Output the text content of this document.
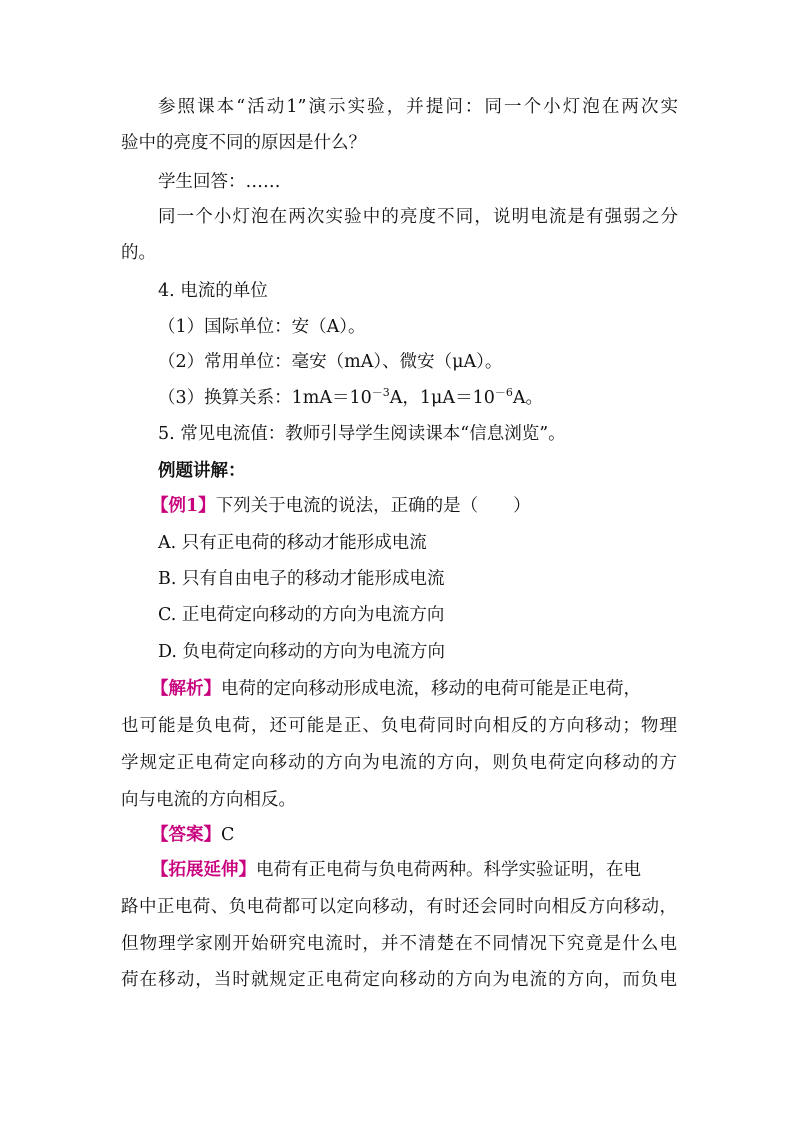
参照课本“活动1”演示实验，并提问：同一个小灯泡在两次实
验中的亮度不同的原因是什么？
学生回答：……
同一个小灯泡在两次实验中的亮度不同，说明电流是有强弱之分
的。
4. 电流的单位
（1）国际单位：安（A）。
（2）常用单位：毫安（mA）、微安（μA）。
（3）换算关系：$1mA=10^{-3}A$，$1\mu A=10^{-6}A$。
5. 常见电流值：教师引导学生阅读课本“信息浏览”。
例题讲解：
【例1】下列关于电流的说法，正确的是（　　）
A. 只有正电荷的移动才能形成电流
B. 只有自由电子的移动才能形成电流
C. 正电荷定向移动的方向为电流方向
D. 负电荷定向移动的方向为电流方向
【解析】电荷的定向移动形成电流，移动的电荷可能是正电荷，
也可能是负电荷，还可能是正、负电荷同时向相反的方向移动；物理
学规定正电荷定向移动的方向为电流的方向，则负电荷定向移动的方
向与电流的方向相反。
【答案】C
【拓展延伸】电荷有正电荷与负电荷两种。科学实验证明，在电
路中正电荷、负电荷都可以定向移动，有时还会同时向相反方向移动，
但物理学家刚开始研究电流时，并不清楚在不同情况下究竟是什么电
荷在移动，当时就规定正电荷定向移动的方向为电流的方向，而负电
